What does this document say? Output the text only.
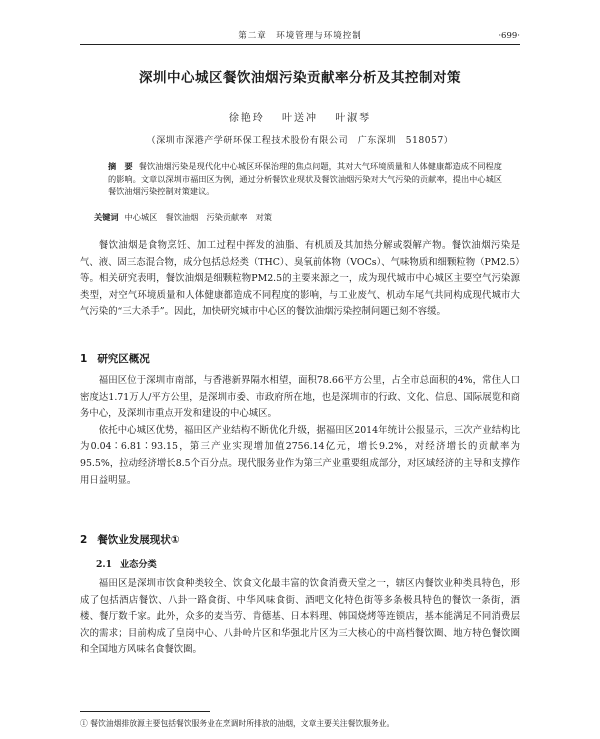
第二章　环境管理与环境控制	·699·
深圳中心城区餐饮油烟污染贡献率分析及其控制对策
徐艳玲 叶送冲 叶淑琴
（深圳市深港产学研环保工程技术股份有限公司　广东深圳　518057）
摘　要 餐饮油烟污染是现代化中心城区环保治理的焦点问题，其对大气环境质量和人体健康都造成不同程度的影响。文章以深圳市福田区为例，通过分析餐饮业现状及餐饮油烟污染对大气污染的贡献率，提出中心城区餐饮油烟污染控制对策建议。
关键词 中心城区　餐饮油烟　污染贡献率　对策

餐饮油烟是食物烹饪、加工过程中挥发的油脂、有机质及其加热分解或裂解产物。餐饮油烟污染是气、液、固三态混合物，成分包括总烃类（THC）、臭氧前体物（VOCs）、气味物质和细颗粒物（PM2.5）等。相关研究表明，餐饮油烟是细颗粒物PM2.5的主要来源之一，成为现代城市中心城区主要空气污染源类型，对空气环境质量和人体健康都造成不同程度的影响，与工业废气、机动车尾气共同构成现代城市大气污染的“三大杀手”。因此，加快研究城市中心区的餐饮油烟污染控制问题已刻不容缓。

1 研究区概况

福田区位于深圳市南部，与香港新界隔水相望，面积78.66平方公里，占全市总面积的4%，常住人口密度达1.71万人/平方公里，是深圳市委、市政府所在地，也是深圳市的行政、文化、信息、国际展览和商务中心，及深圳市重点开发和建设的中心城区。

依托中心城区优势，福田区产业结构不断优化升级，据福田区2014年统计公报显示，三次产业结构比为0.04∶6.81∶93.15，第三产业实现增加值2756.14亿元，增长9.2%，对经济增长的贡献率为95.5%，拉动经济增长8.5个百分点。现代服务业作为第三产业重要组成部分，对区域经济的主导和支撑作用日益明显。

2 餐饮业发展现状①
2.1 业态分类

福田区是深圳市饮食种类较全、饮食文化最丰富的饮食消费天堂之一，辖区内餐饮业种类具特色，形成了包括酒店餐饮、八卦一路食街、中华风味食街、酒吧文化特色街等多条极具特色的餐饮一条街，酒楼、餐厅数千家。此外，众多的麦当劳、肯德基、日本料理、韩国烧烤等连锁店，基本能满足不同消费层次的需求；目前构成了皇岗中心、八卦岭片区和华强北片区为三大核心的中高档餐饮圈、地方特色餐饮圈和全国地方风味名食餐饮圈。

① 餐饮油烟排放源主要包括餐饮服务业在烹调时所排放的油烟，文章主要关注餐饮服务业。
